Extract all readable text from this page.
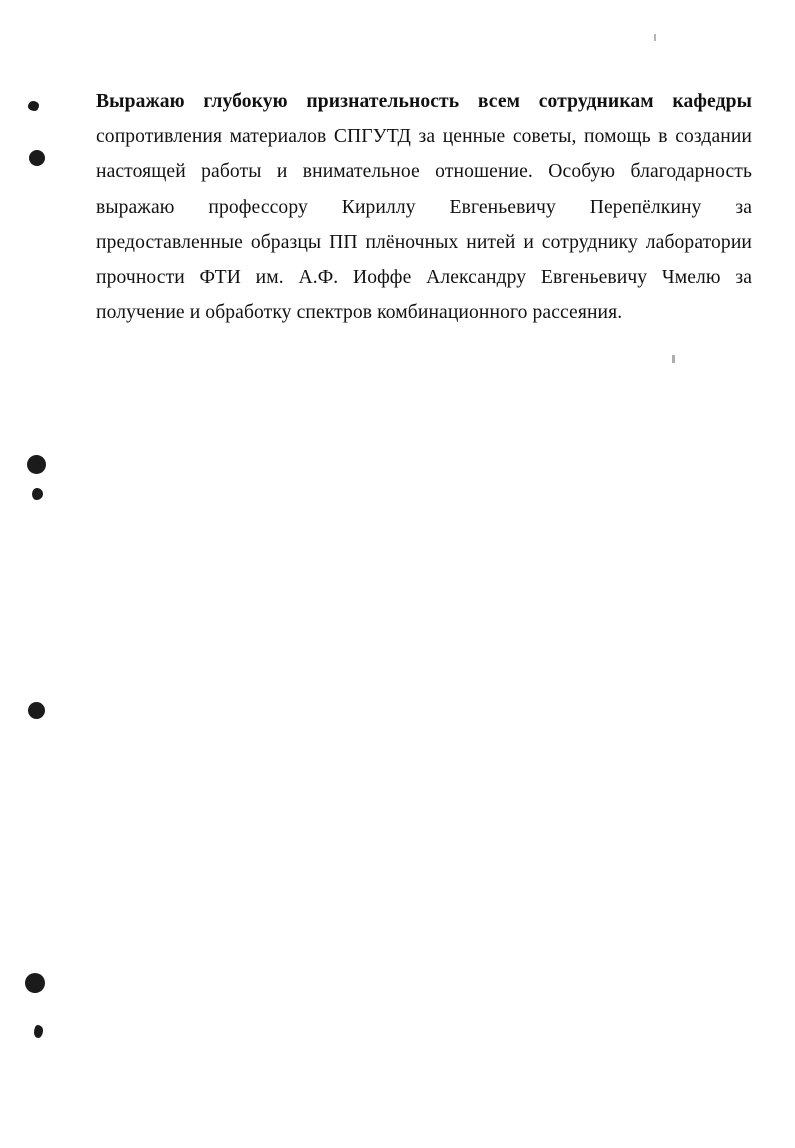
Выражаю глубокую признательность всем сотрудникам кафедры сопротивления материалов СПГУТД за ценные советы, помощь в создании настоящей работы и внимательное отношение. Особую благодарность выражаю профессору Кириллу Евгеньевичу Перепёлкину за предоставленные образцы ПП плёночных нитей и сотруднику лаборатории прочности ФТИ им. А.Ф. Иоффе Александру Евгеньевичу Чмелю за получение и обработку спектров комбинационного рассеяния.
